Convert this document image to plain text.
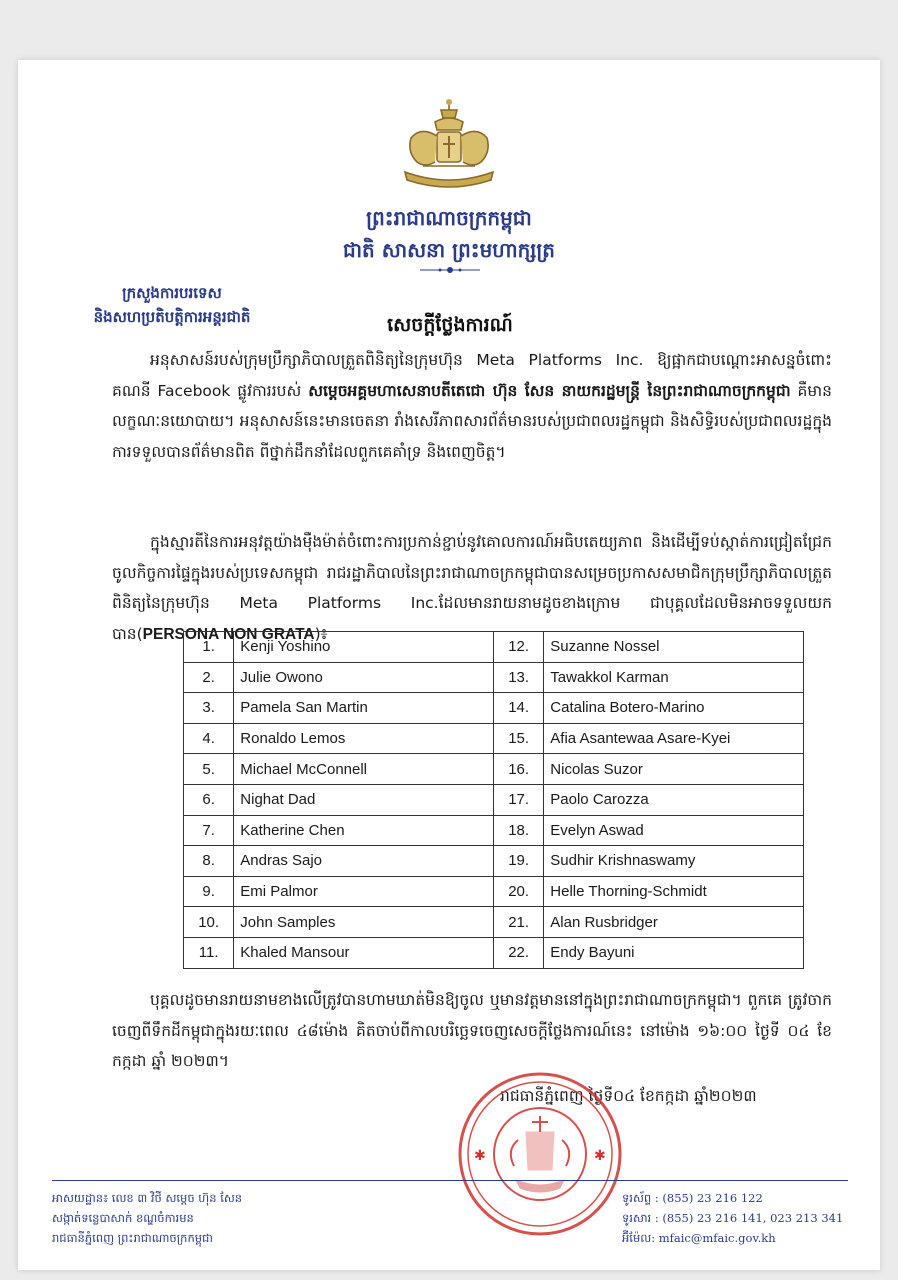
ព្រះរាជាណាចក្រកម្ពុជា
ជាតិ សាសនា ព្រះមហាក្សត្រ
ក្រសួងការបរទេស
និងសហប្រតិបត្តិការអន្តរជាតិ	សេចក្តីថ្លែងការណ៍
អនុសាសន៍របស់ក្រុមប្រឹក្សាភិបាលត្រួតពិនិត្យនៃក្រុមហ៊ុន Meta Platforms Inc. ឱ្យផ្អាកជាបណ្តោះអាសន្នចំពោះគណនី Facebook ផ្លូវការរបស់ សម្តេចអគ្គមហាសេនាបតីតេជោ ហ៊ុន សែន នាយករដ្ឋមន្ត្រី នៃព្រះរាជាណាចក្រកម្ពុជា គឺមានលក្ខណៈនយោបាយ។ អនុសាសន៍នេះមានចេតនា រាំងសេរីភាពសារព័ត៌មានរបស់ប្រជាពលរដ្ឋកម្ពុជា និងសិទ្ធិរបស់ប្រជាពលរដ្ឋក្នុងការទទួលបានព័ត៌មានពិត ពីថ្នាក់ដឹកនាំដែលពួកគេគាំទ្រ និងពេញចិត្ត។
ក្នុងស្មារតីនៃការអនុវត្តយ៉ាងម៉ឺងម៉ាត់ចំពោះការប្រកាន់ខ្ជាប់នូវគោលការណ៍អធិបតេយ្យភាព និងដើម្បីទប់ស្កាត់ការជ្រៀតជ្រែកចូលកិច្ចការផ្ទៃក្នុងរបស់ប្រទេសកម្ពុជា រាជរដ្ឋាភិបាលនៃព្រះរាជាណាចក្រកម្ពុជាបានសម្រេចប្រកាសសមាជិកក្រុមប្រឹក្សាភិបាលត្រួតពិនិត្យនៃក្រុមហ៊ុន Meta Platforms Inc.ដែលមានរាយនាមដូចខាងក្រោម ជាបុគ្គលដែលមិនអាចទទួលយកបាន(PERSONA NON GRATA)៖
1.	Kenji Yoshino	12.	Suzanne Nossel
2.	Julie Owono	13.	Tawakkol Karman
3.	Pamela San Martin	14.	Catalina Botero-Marino
4.	Ronaldo Lemos	15.	Afia Asantewaa Asare-Kyei
5.	Michael McConnell	16.	Nicolas Suzor
6.	Nighat Dad	17.	Paolo Carozza
7.	Katherine Chen	18.	Evelyn Aswad
8.	Andras Sajo	19.	Sudhir Krishnaswamy
9.	Emi Palmor	20.	Helle Thorning-Schmidt
10.	John Samples	21.	Alan Rusbridger
11.	Khaled Mansour	22.	Endy Bayuni
បុគ្គលដូចមានរាយនាមខាងលើត្រូវបានហាមឃាត់មិនឱ្យចូល ឬមានវត្តមាននៅក្នុងព្រះរាជាណាចក្រកម្ពុជា។ ពួកគេ ត្រូវចាកចេញពីទឹកដីកម្ពុជាក្នុងរយៈពេល ៤៨ម៉ោង គិតចាប់ពីកាលបរិច្ឆេទចេញសេចក្តីថ្លែងការណ៍នេះ នៅម៉ោង ១៦:០០ ថ្ងៃទី ០៤ ខែកក្កដា ឆ្នាំ ២០២៣។
រាជធានីភ្នំពេញ ថ្ងៃទី០៤ ខែកក្កដា ឆ្នាំ២០២៣
✱	✱
អាសយដ្ឋាន៖ លេខ ៣ វិថី សម្តេច ហ៊ុន សែន
សង្កាត់ទន្លេបាសាក់ ខណ្ឌចំការមន
រាជធានីភ្នំពេញ ព្រះរាជាណាចក្រកម្ពុជា
ទូរស័ព្ទ : (855) 23 216 122
ទូរសារ : (855) 23 216 141, 023 213 341
អ៊ីម៉ែល: mfaic@mfaic.gov.kh
